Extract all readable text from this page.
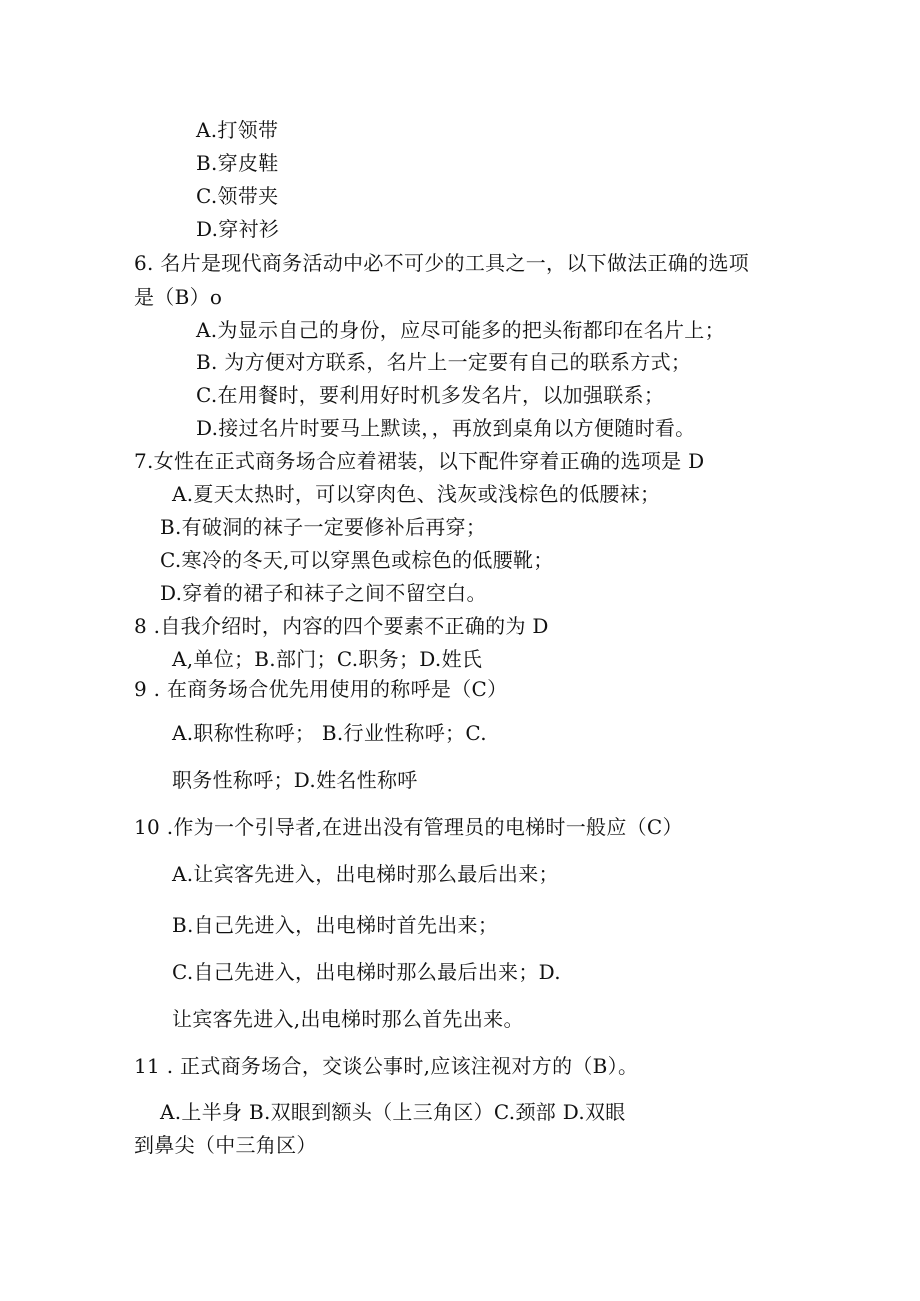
A.打领带
B.穿皮鞋
C.领带夹
D.穿衬衫
6. 名片是现代商务活动中必不可少的工具之一，以下做法正确的选项
是（B）o
A.为显示自己的身份，应尽可能多的把头衔都印在名片上；
B. 为方便对方联系，名片上一定要有自己的联系方式；
C.在用餐时，要利用好时机多发名片，以加强联系；
D.接过名片时要马上默读，，再放到桌角以方便随时看。
7.女性在正式商务场合应着裙装，以下配件穿着正确的选项是 D
A.夏天太热时，可以穿肉色、浅灰或浅棕色的低腰袜；
B.有破洞的袜子一定要修补后再穿；
C.寒冷的冬天,可以穿黑色或棕色的低腰靴；
D.穿着的裙子和袜子之间不留空白。
8 .自我介绍时，内容的四个要素不正确的为 D
A,单位；B.部门；C.职务；D.姓氏
9 . 在商务场合优先用使用的称呼是（C）
A.职称性称呼； B.行业性称呼；C.
职务性称呼；D.姓名性称呼
10 .作为一个引导者,在进出没有管理员的电梯时一般应（C）
A.让宾客先进入，出电梯时那么最后出来；
B.自己先进入，出电梯时首先出来；
C.自己先进入，出电梯时那么最后出来；D.
让宾客先进入,出电梯时那么首先出来。
11 . 正式商务场合，交谈公事时,应该注视对方的（B）。
A.上半身 B.双眼到额头（上三角区）C.颈部 D.双眼
到鼻尖（中三角区）
